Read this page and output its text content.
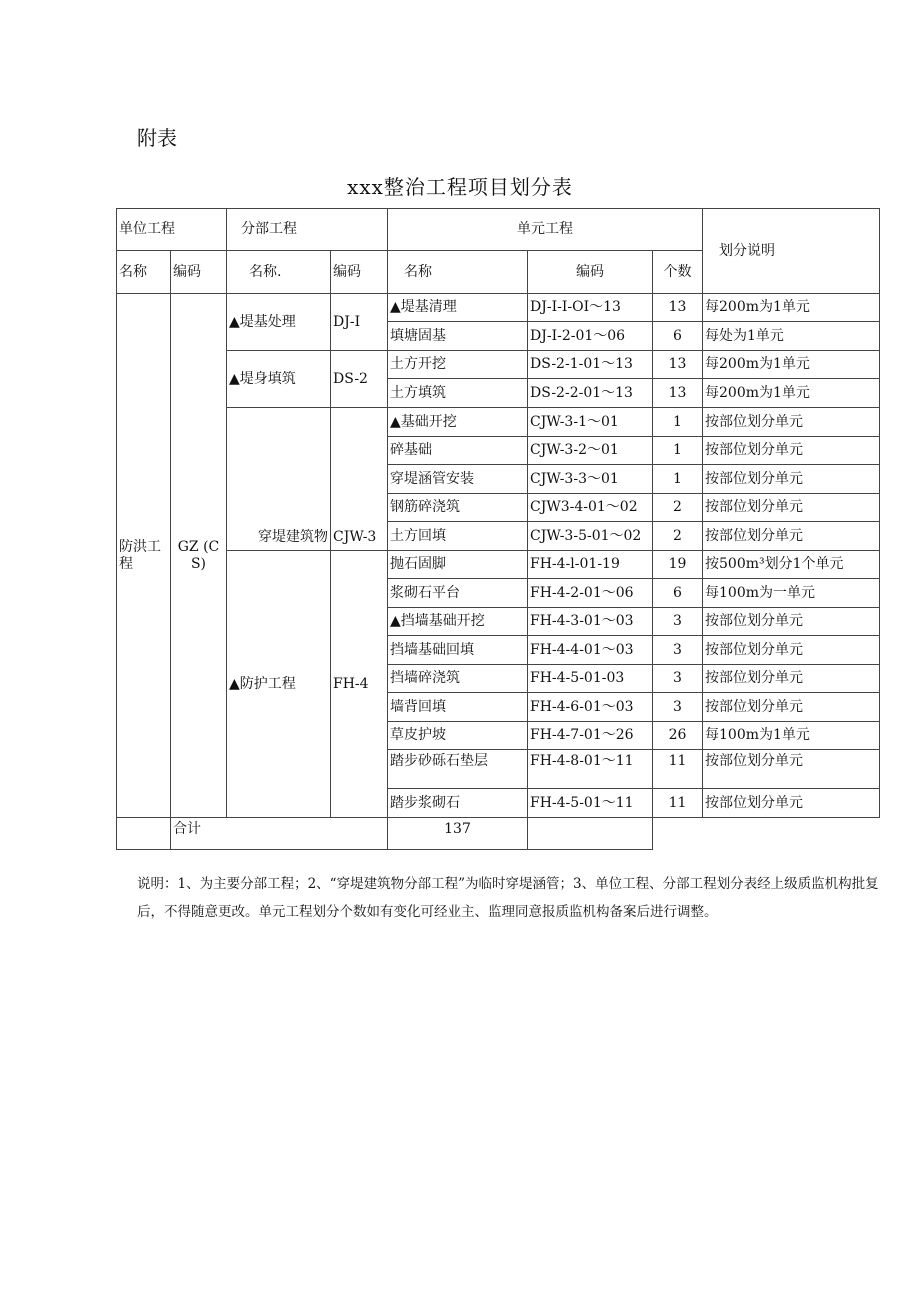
附表
xxx整治工程项目划分表
单位工程		分部工程		单元工程			划分说明
名称	编码	名称.	编码	名称	编码	个数	
防洪工程	GZ (CS)	▲堤基处理	DJ-I	▲堤基清理	DJ-I-I-OI～13	13	每200m为1单元
				填塘固基	DJ-I-2-01～06	6	每处为1单元
		▲堤身填筑	DS-2	土方开挖	DS-2-1-01～13	13	每200m为1单元
				土方填筑	DS-2-2-01～13	13	每200m为1单元
		穿堤建筑物	CJW-3	▲基础开挖	CJW-3-1～01	1	按部位划分单元
				碎基础	CJW-3-2～01	1	按部位划分单元
				穿堤涵管安装	CJW-3-3～01	1	按部位划分单元
				钢筋碎浇筑	CJW3-4-01～02	2	按部位划分单元
				土方回填	CJW-3-5-01～02	2	按部位划分单元
		▲防护工程	FH-4	抛石固脚	FH-4-l-01-19	19	按500m³划分1个单元
				浆砌石平台	FH-4-2-01～06	6	每100m为一单元
				▲挡墙基础开挖	FH-4-3-01～03	3	按部位划分单元
				挡墙基础回填	FH-4-4-01～03	3	按部位划分单元
				挡墙碎浇筑	FH-4-5-01-03	3	按部位划分单元
				墙背回填	FH-4-6-01～03	3	按部位划分单元
				草皮护坡	FH-4-7-01～26	26	每100m为1单元
				踏步砂砾石垫层	FH-4-8-01～11	11	按部位划分单元
				踏步浆砌石	FH-4-5-01～11	11	按部位划分单元
	合计			137			
说明：1、为主要分部工程；2、“穿堤建筑物分部工程”为临时穿堤涵管；3、单位工程、分部工程划分表经上级质监机构批复后，不得随意更改。单元工程划分个数如有变化可经业主、监理同意报质监机构备案后进行调整。
